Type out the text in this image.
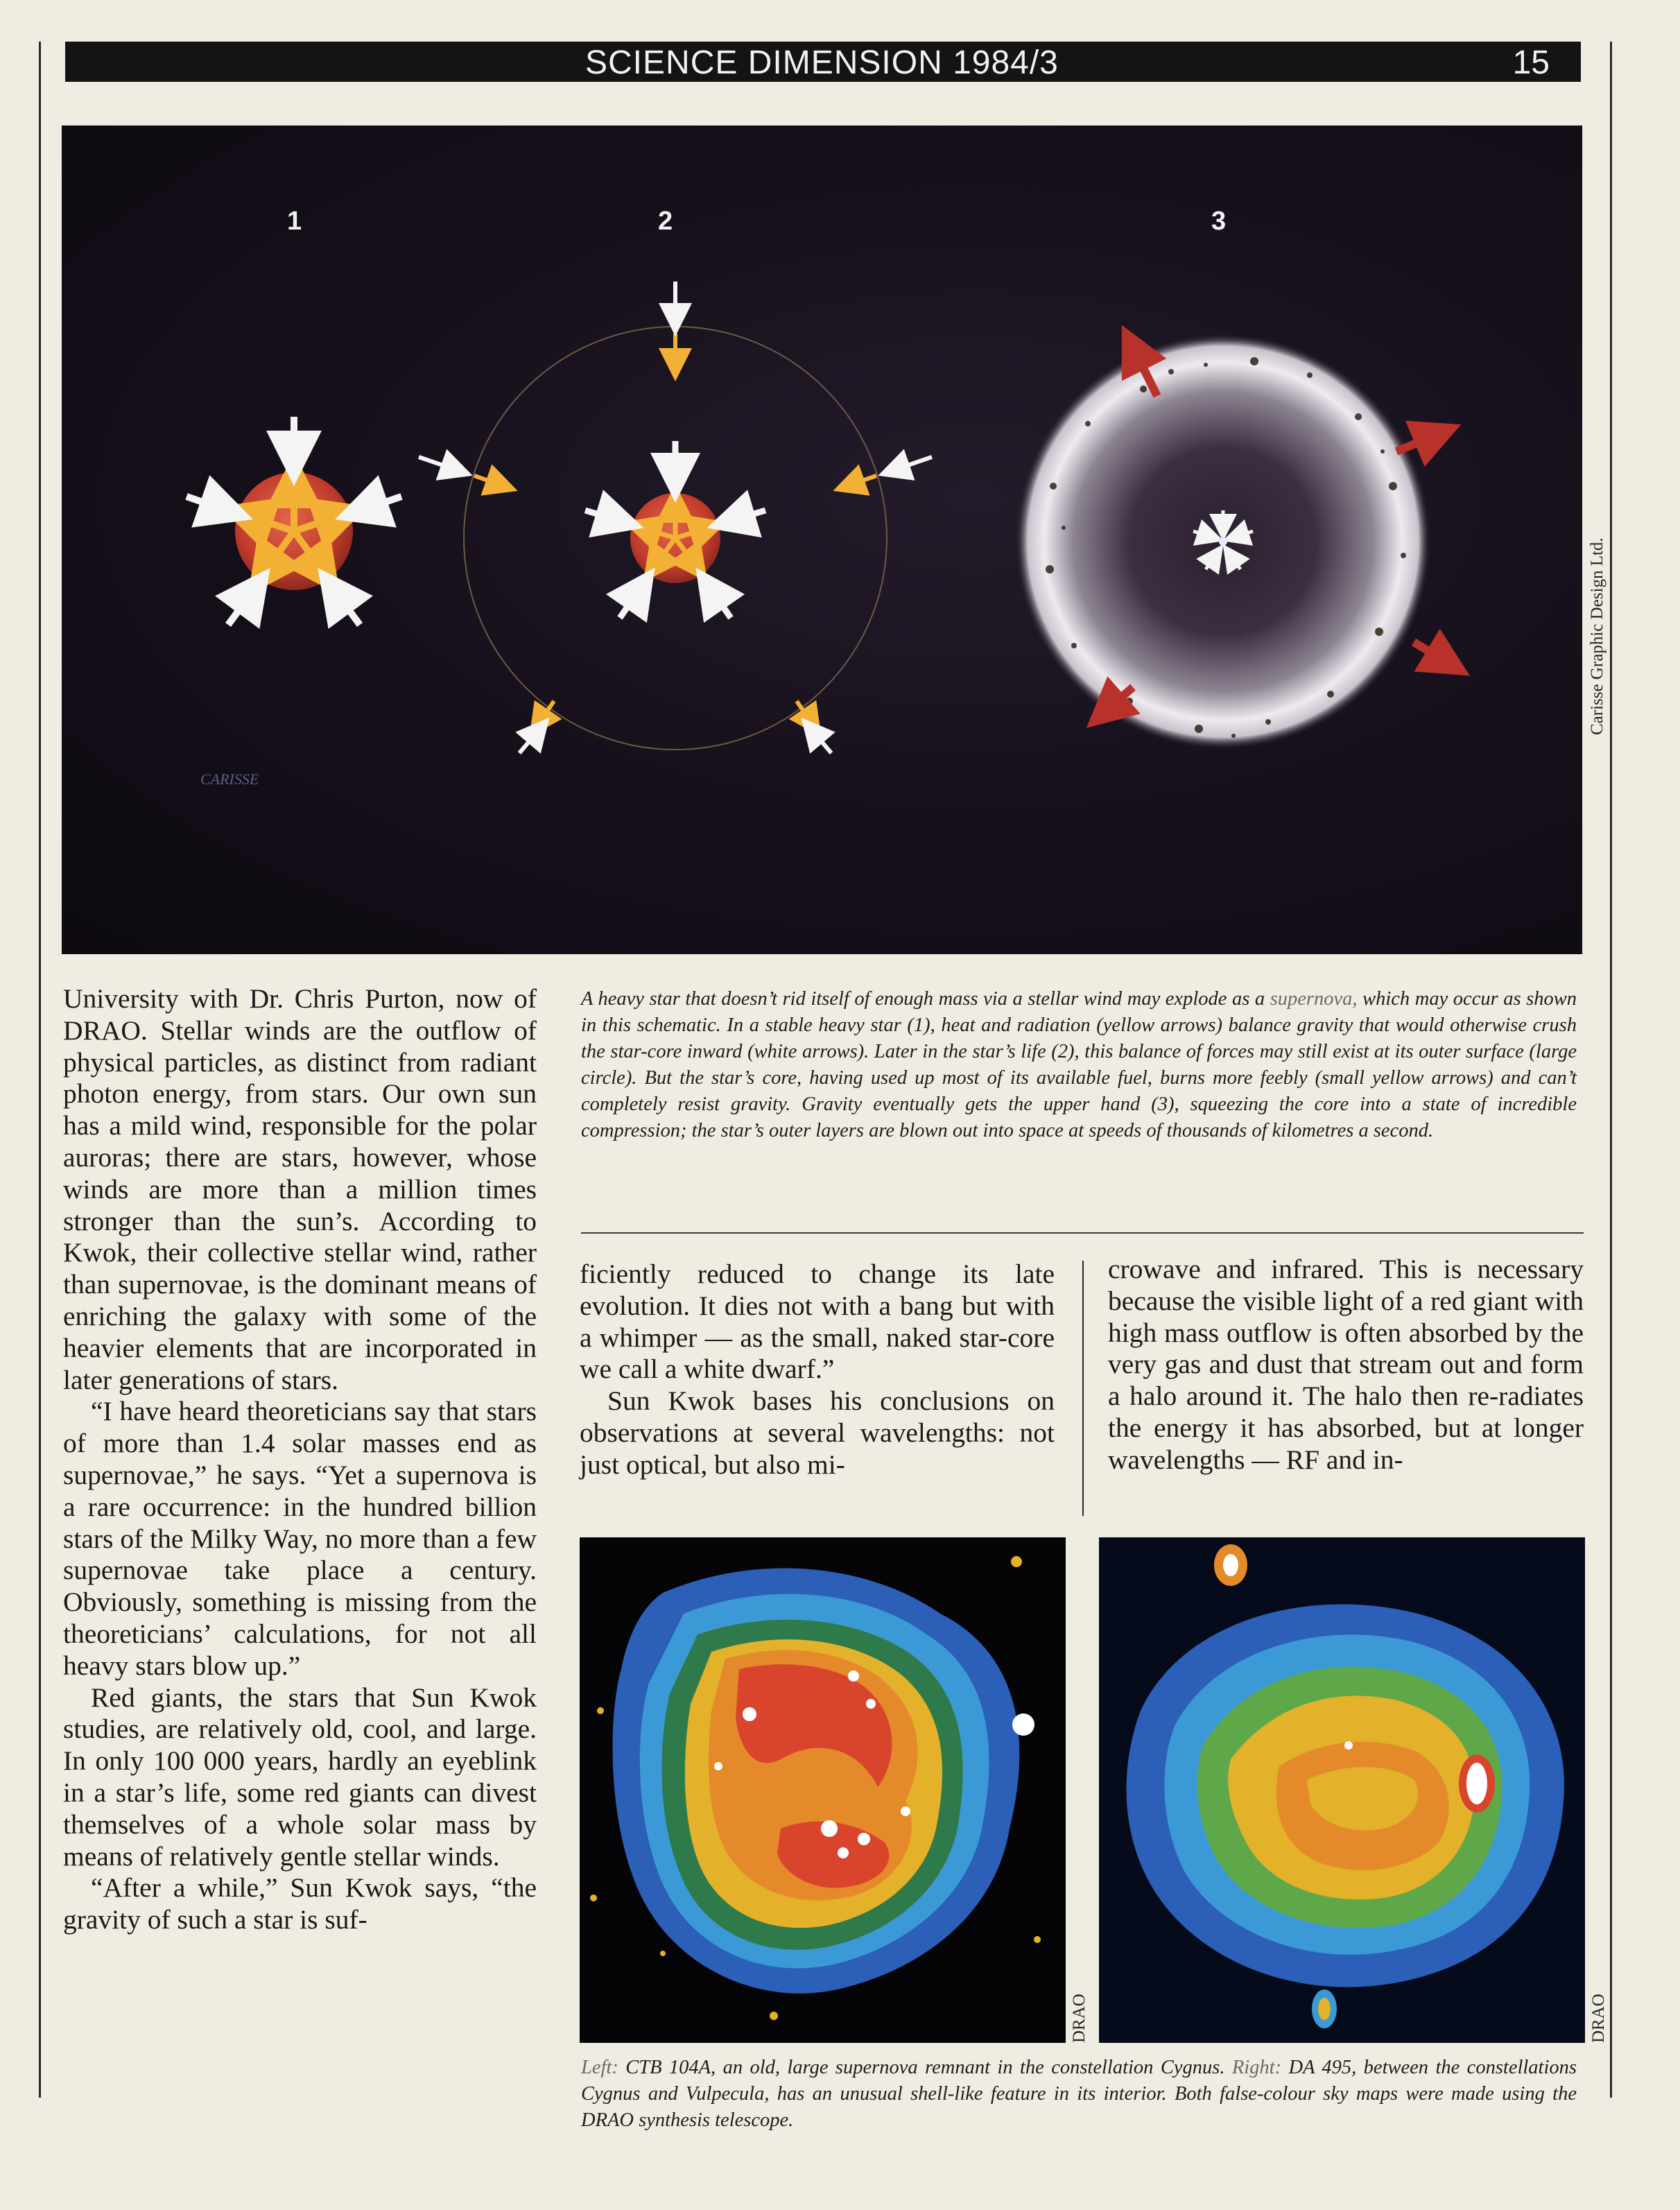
SCIENCE DIMENSION 1984/3	15
1	2	3
CARISSE
Carisse Graphic Design Ltd.

A heavy star that doesn’t rid itself of enough mass via a stellar wind may explode as a supernova, which may occur as shown in this schematic. In a stable heavy star (1), heat and radiation (yellow arrows) balance gravity that would otherwise crush the star-core inward (white arrows). Later in the star’s life (2), this balance of forces may still exist at its outer surface (large circle). But the star’s core, having used up most of its available fuel, burns more feebly (small yellow arrows) and can’t completely resist gravity. Gravity eventually gets the upper hand (3), squeezing the core into a state of incredible compression; the star’s outer layers are blown out into space at speeds of thousands of kilometres a second.

University with Dr. Chris Purton, now of DRAO. Stellar winds are the outflow of physical particles, as distinct from radiant photon energy, from stars. Our own sun has a mild wind, responsible for the polar auroras; there are stars, however, whose winds are more than a million times stronger than the sun’s. According to Kwok, their collective stellar wind, rather than supernovae, is the dominant means of enriching the galaxy with some of the heavier elements that are incorporated in later generations of stars.

“I have heard theoreticians say that stars of more than 1.4 solar masses end as supernovae,” he says. “Yet a supernova is a rare occurrence: in the hundred billion stars of the Milky Way, no more than a few supernovae take place a century. Obviously, something is missing from the theoreticians’ calculations, for not all heavy stars blow up.”

Red giants, the stars that Sun Kwok studies, are relatively old, cool, and large. In only 100 000 years, hardly an eyeblink in a star’s life, some red giants can divest themselves of a whole solar mass by means of relatively gentle stellar winds.

“After a while,” Sun Kwok says, “the gravity of such a star is suf-

ficiently reduced to change its late evolution. It dies not with a bang but with a whimper — as the small, naked star-core we call a white dwarf.”

Sun Kwok bases his conclusions on observations at several wavelengths: not just optical, but also mi-

crowave and infrared. This is necessary because the visible light of a red giant with high mass outflow is often absorbed by the very gas and dust that stream out and form a halo around it. The halo then re-radiates the energy it has absorbed, but at longer wavelengths — RF and in-

DRAO	DRAO

Left: CTB 104A, an old, large supernova remnant in the constellation Cygnus. Right: DA 495, between the constellations Cygnus and Vulpecula, has an unusual shell-like feature in its interior. Both false-colour sky maps were made using the DRAO synthesis telescope.
